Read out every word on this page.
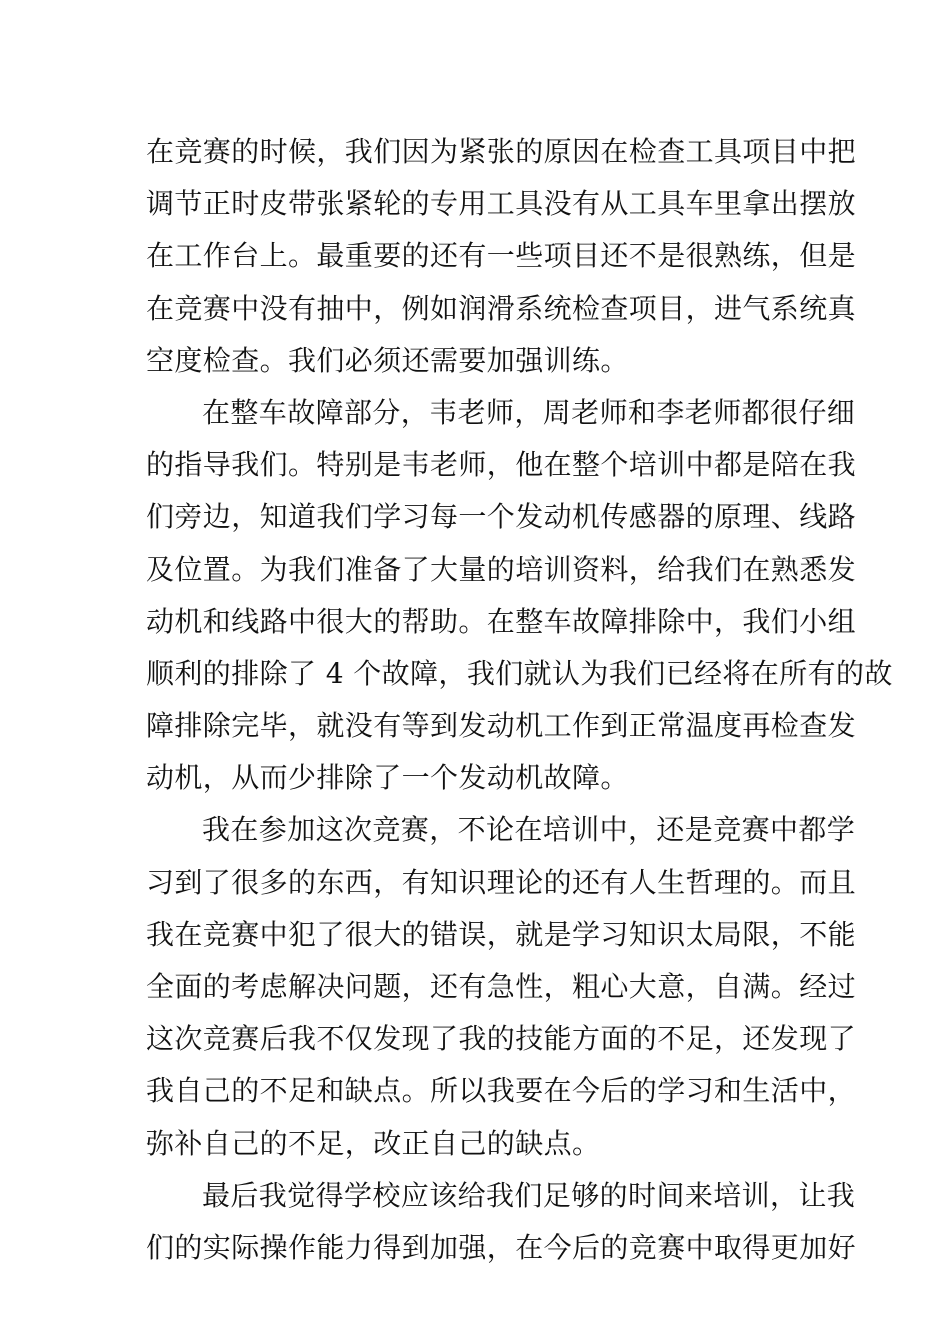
在竞赛的时候，我们因为紧张的原因在检查工具项目中把
调节正时皮带张紧轮的专用工具没有从工具车里拿出摆放
在工作台上。最重要的还有一些项目还不是很熟练，但是
在竞赛中没有抽中，例如润滑系统检查项目，进气系统真
空度检查。我们必须还需要加强训练。
在整车故障部分，韦老师，周老师和李老师都很仔细
的指导我们。特别是韦老师，他在整个培训中都是陪在我
们旁边，知道我们学习每一个发动机传感器的原理、线路
及位置。为我们准备了大量的培训资料，给我们在熟悉发
动机和线路中很大的帮助。在整车故障排除中，我们小组
顺利的排除了 4 个故障，我们就认为我们已经将在所有的故
障排除完毕，就没有等到发动机工作到正常温度再检查发
动机，从而少排除了一个发动机故障。
我在参加这次竞赛，不论在培训中，还是竞赛中都学
习到了很多的东西，有知识理论的还有人生哲理的。而且
我在竞赛中犯了很大的错误，就是学习知识太局限，不能
全面的考虑解决问题，还有急性，粗心大意，自满。经过
这次竞赛后我不仅发现了我的技能方面的不足，还发现了
我自己的不足和缺点。所以我要在今后的学习和生活中，
弥补自己的不足，改正自己的缺点。
最后我觉得学校应该给我们足够的时间来培训，让我
们的实际操作能力得到加强，在今后的竞赛中取得更加好
